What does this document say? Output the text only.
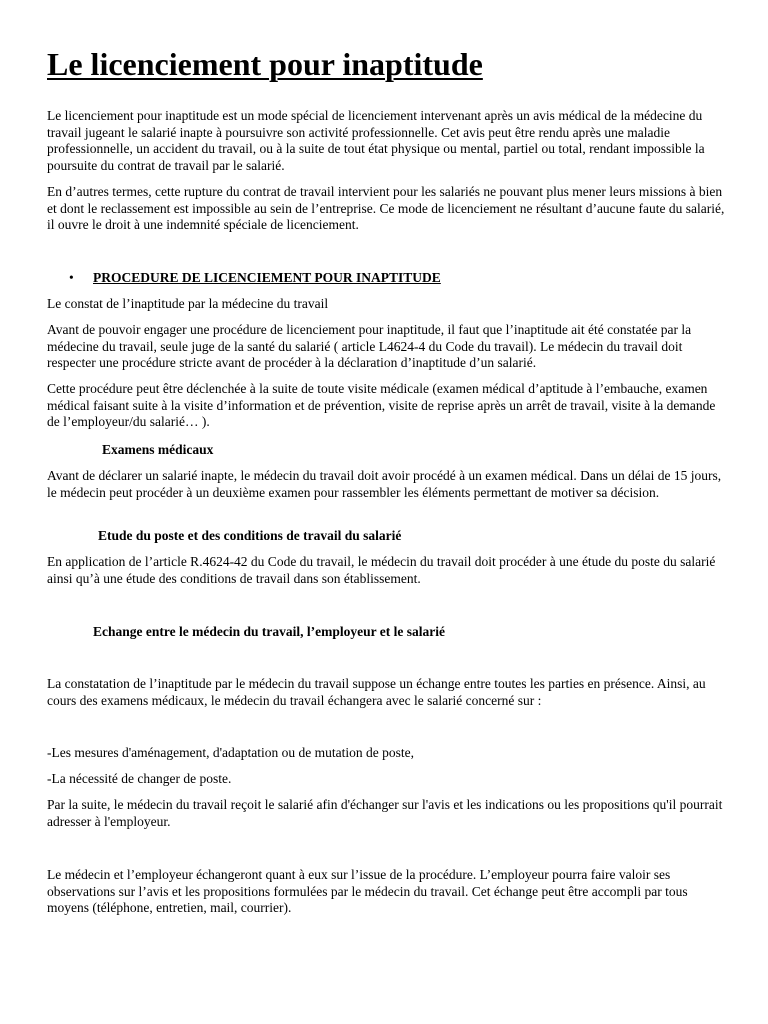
Le licenciement pour inaptitude

Le licenciement pour inaptitude est un mode spécial de licenciement intervenant après un avis médical de la médecine du travail jugeant le salarié inapte à poursuivre son activité professionnelle. Cet avis peut être rendu après une maladie professionnelle, un accident du travail, ou à la suite de tout état physique ou mental, partiel ou total, rendant impossible la poursuite du contrat de travail par le salarié.

En d’autres termes, cette rupture du contrat de travail intervient pour les salariés ne pouvant plus mener leurs missions à bien et dont le reclassement est impossible au sein de l’entreprise. Ce mode de licenciement ne résultant d’aucune faute du salarié, il ouvre le droit à une indemnité spéciale de licenciement.

• PROCEDURE DE LICENCIEMENT POUR INAPTITUDE

Le constat de l’inaptitude par la médecine du travail

Avant de pouvoir engager une procédure de licenciement pour inaptitude, il faut que l’inaptitude ait été constatée par la médecine du travail, seule juge de la santé du salarié ( article L4624-4 du Code du travail). Le médecin du travail doit respecter une procédure stricte avant de procéder à la déclaration d’inaptitude d’un salarié.

Cette procédure peut être déclenchée à la suite de toute visite médicale (examen médical d’aptitude à l’embauche, examen médical faisant suite à la visite d’information et de prévention, visite de reprise après un arrêt de travail, visite à la demande de l’employeur/du salarié… ).

Examens médicaux

Avant de déclarer un salarié inapte, le médecin du travail doit avoir procédé à un examen médical. Dans un délai de 15 jours, le médecin peut procéder à un deuxième examen pour rassembler les éléments permettant de motiver sa décision.

Etude du poste et des conditions de travail du salarié

En application de l’article R.4624-42 du Code du travail, le médecin du travail doit procéder à une étude du poste du salarié ainsi qu’à une étude des conditions de travail dans son établissement.

Echange entre le médecin du travail, l’employeur et le salarié

La constatation de l’inaptitude par le médecin du travail suppose un échange entre toutes les parties en présence. Ainsi, au cours des examens médicaux, le médecin du travail échangera avec le salarié concerné sur :

-Les mesures d'aménagement, d'adaptation ou de mutation de poste,

-La nécessité de changer de poste.

Par la suite, le médecin du travail reçoit le salarié afin d'échanger sur l'avis et les indications ou les propositions qu'il pourrait adresser à l'employeur.

Le médecin et l’employeur échangeront quant à eux sur l’issue de la procédure. L’employeur pourra faire valoir ses observations sur l’avis et les propositions formulées par le médecin du travail. Cet échange peut être accompli par tous moyens (téléphone, entretien, mail, courrier).
